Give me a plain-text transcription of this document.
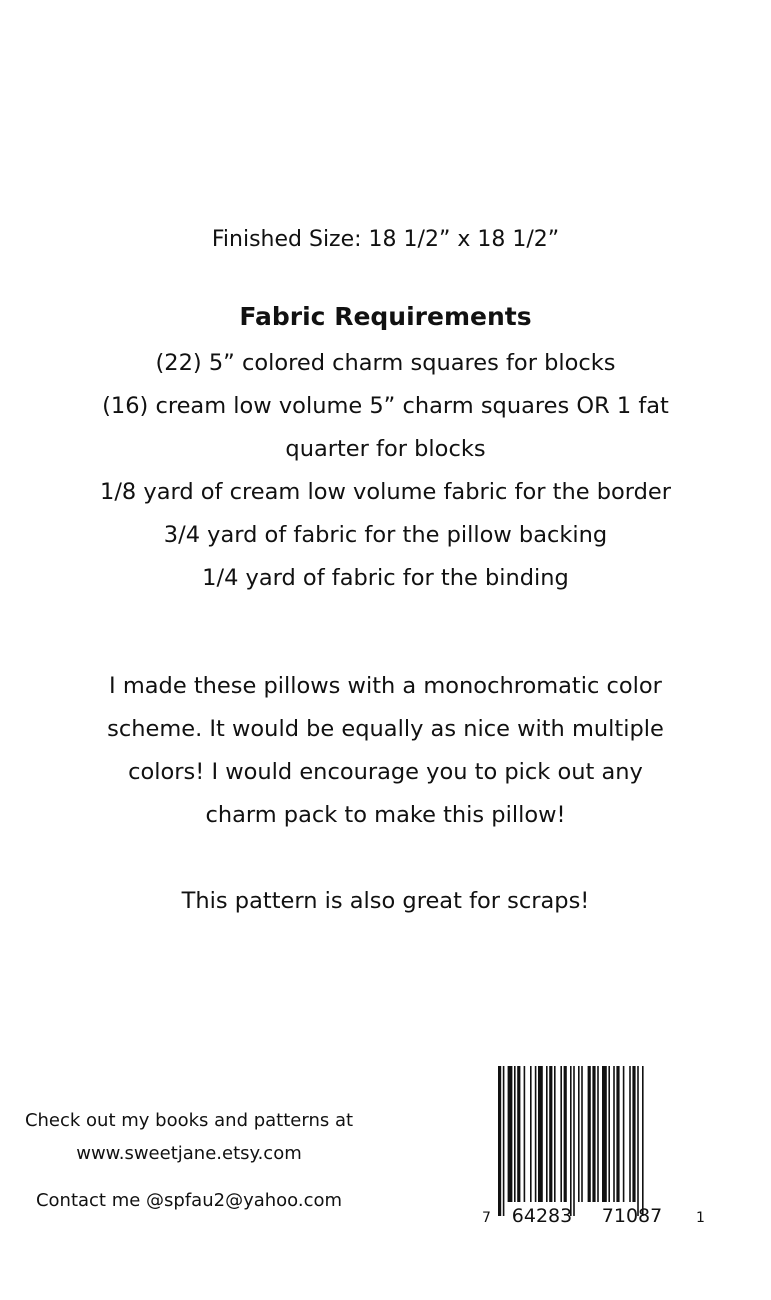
Finished Size: 18 1/2” x 18 1/2”
Fabric Requirements
(22) 5” colored charm squares for blocks
(16) cream low volume 5” charm squares OR 1 fat
quarter for blocks
1/8 yard of cream low volume fabric for the border
3/4 yard of fabric for the pillow backing
1/4 yard of fabric for the binding
I made these pillows with a monochromatic color
scheme. It would be equally as nice with multiple
colors! I would encourage you to pick out any
charm pack to make this pillow!
This pattern is also great for scraps!
Check out my books and patterns at
www.sweetjane.etsy.com
Contact me @spfau2@yahoo.com
7 64283 71087 1
